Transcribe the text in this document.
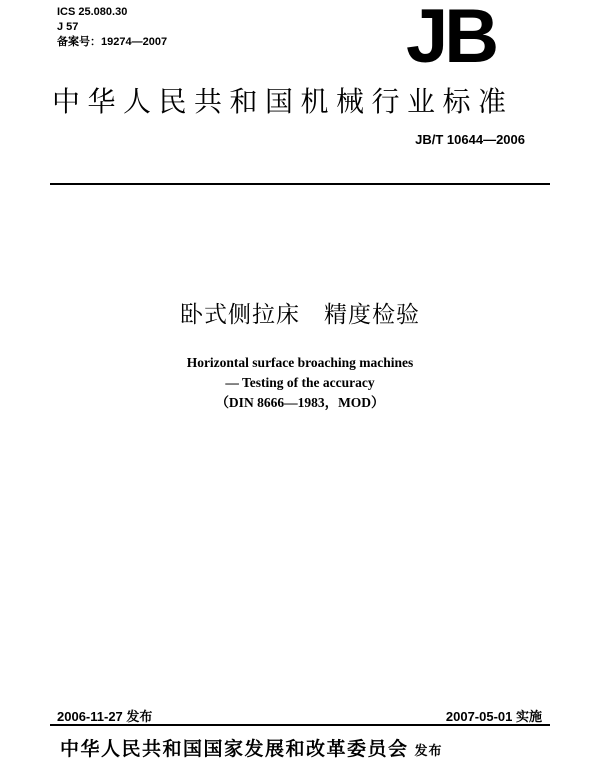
ICS 25.080.30
J 57
备案号：19274—2007	JB
中华人民共和国机械行业标准
JB/T 10644—2006
卧式侧拉床　精度检验
Horizontal surface broaching machines
— Testing of the accuracy
（DIN 8666—1983，MOD）
2006-11-27 发布	2007-05-01 实施
中华人民共和国国家发展和改革委员会 发布
